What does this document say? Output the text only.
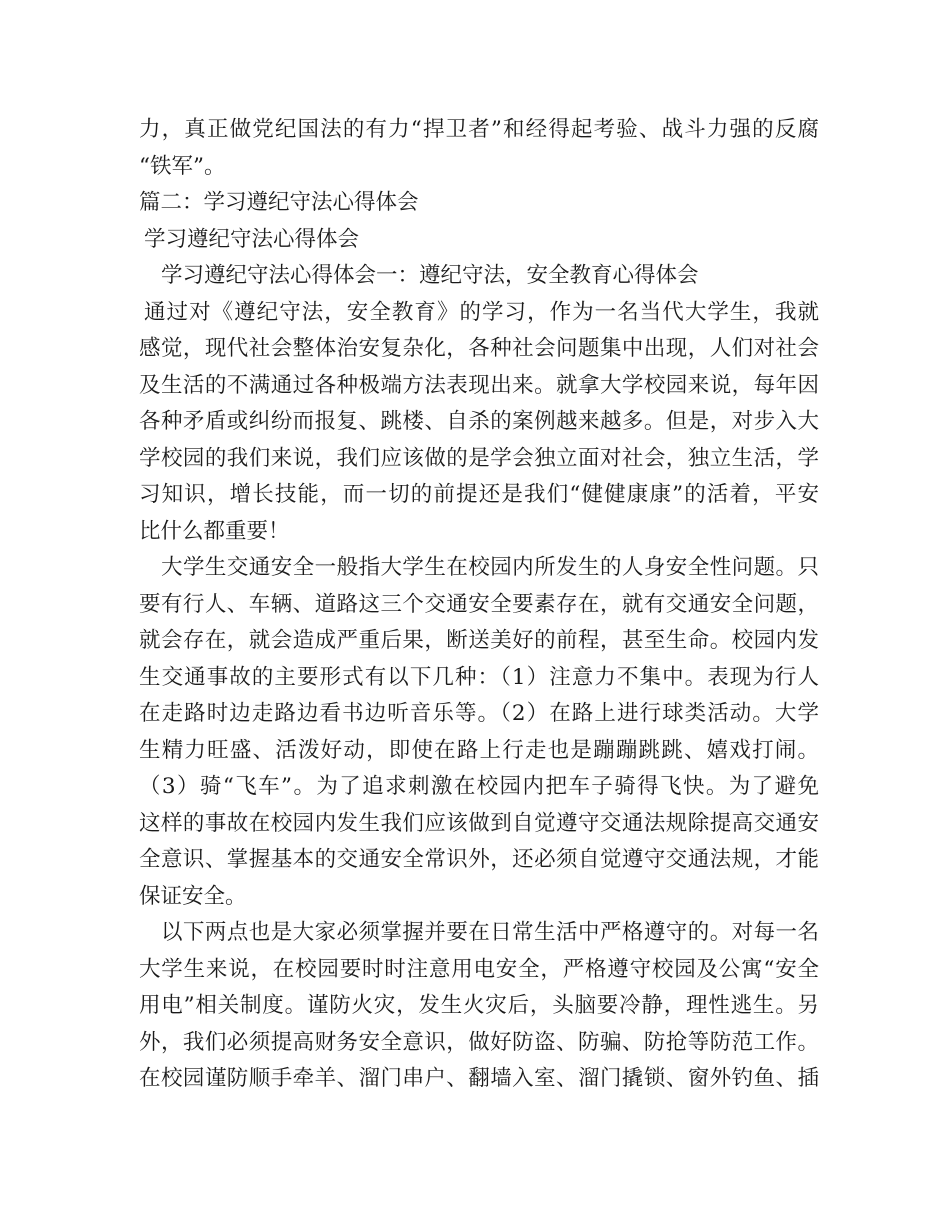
力，真正做党纪国法的有力“捍卫者”和经得起考验、战斗力强的反腐
“铁军”。
篇二：学习遵纪守法心得体会
学习遵纪守法心得体会
学习遵纪守法心得体会一：遵纪守法，安全教育心得体会
通过对《遵纪守法，安全教育》的学习，作为一名当代大学生，我就
感觉，现代社会整体治安复杂化，各种社会问题集中出现，人们对社会
及生活的不满通过各种极端方法表现出来。就拿大学校园来说，每年因
各种矛盾或纠纷而报复、跳楼、自杀的案例越来越多。但是，对步入大
学校园的我们来说，我们应该做的是学会独立面对社会，独立生活，学
习知识，增长技能，而一切的前提还是我们“健健康康”的活着，平安
比什么都重要！
大学生交通安全一般指大学生在校园内所发生的人身安全性问题。只
要有行人、车辆、道路这三个交通安全要素存在，就有交通安全问题，
就会存在，就会造成严重后果，断送美好的前程，甚至生命。校园内发
生交通事故的主要形式有以下几种：（1）注意力不集中。表现为行人
在走路时边走路边看书边听音乐等。（2）在路上进行球类活动。大学
生精力旺盛、活泼好动，即使在路上行走也是蹦蹦跳跳、嬉戏打闹。
（3）骑“飞车”。为了追求刺激在校园内把车子骑得飞快。为了避免
这样的事故在校园内发生我们应该做到自觉遵守交通法规除提高交通安
全意识、掌握基本的交通安全常识外，还必须自觉遵守交通法规，才能
保证安全。
以下两点也是大家必须掌握并要在日常生活中严格遵守的。对每一名
大学生来说，在校园要时时注意用电安全，严格遵守校园及公寓“安全
用电”相关制度。谨防火灾，发生火灾后，头脑要冷静，理性逃生。另
外，我们必须提高财务安全意识，做好防盗、防骗、防抢等防范工作。
在校园谨防顺手牵羊、溜门串户、翻墙入室、溜门撬锁、窗外钓鱼、插
